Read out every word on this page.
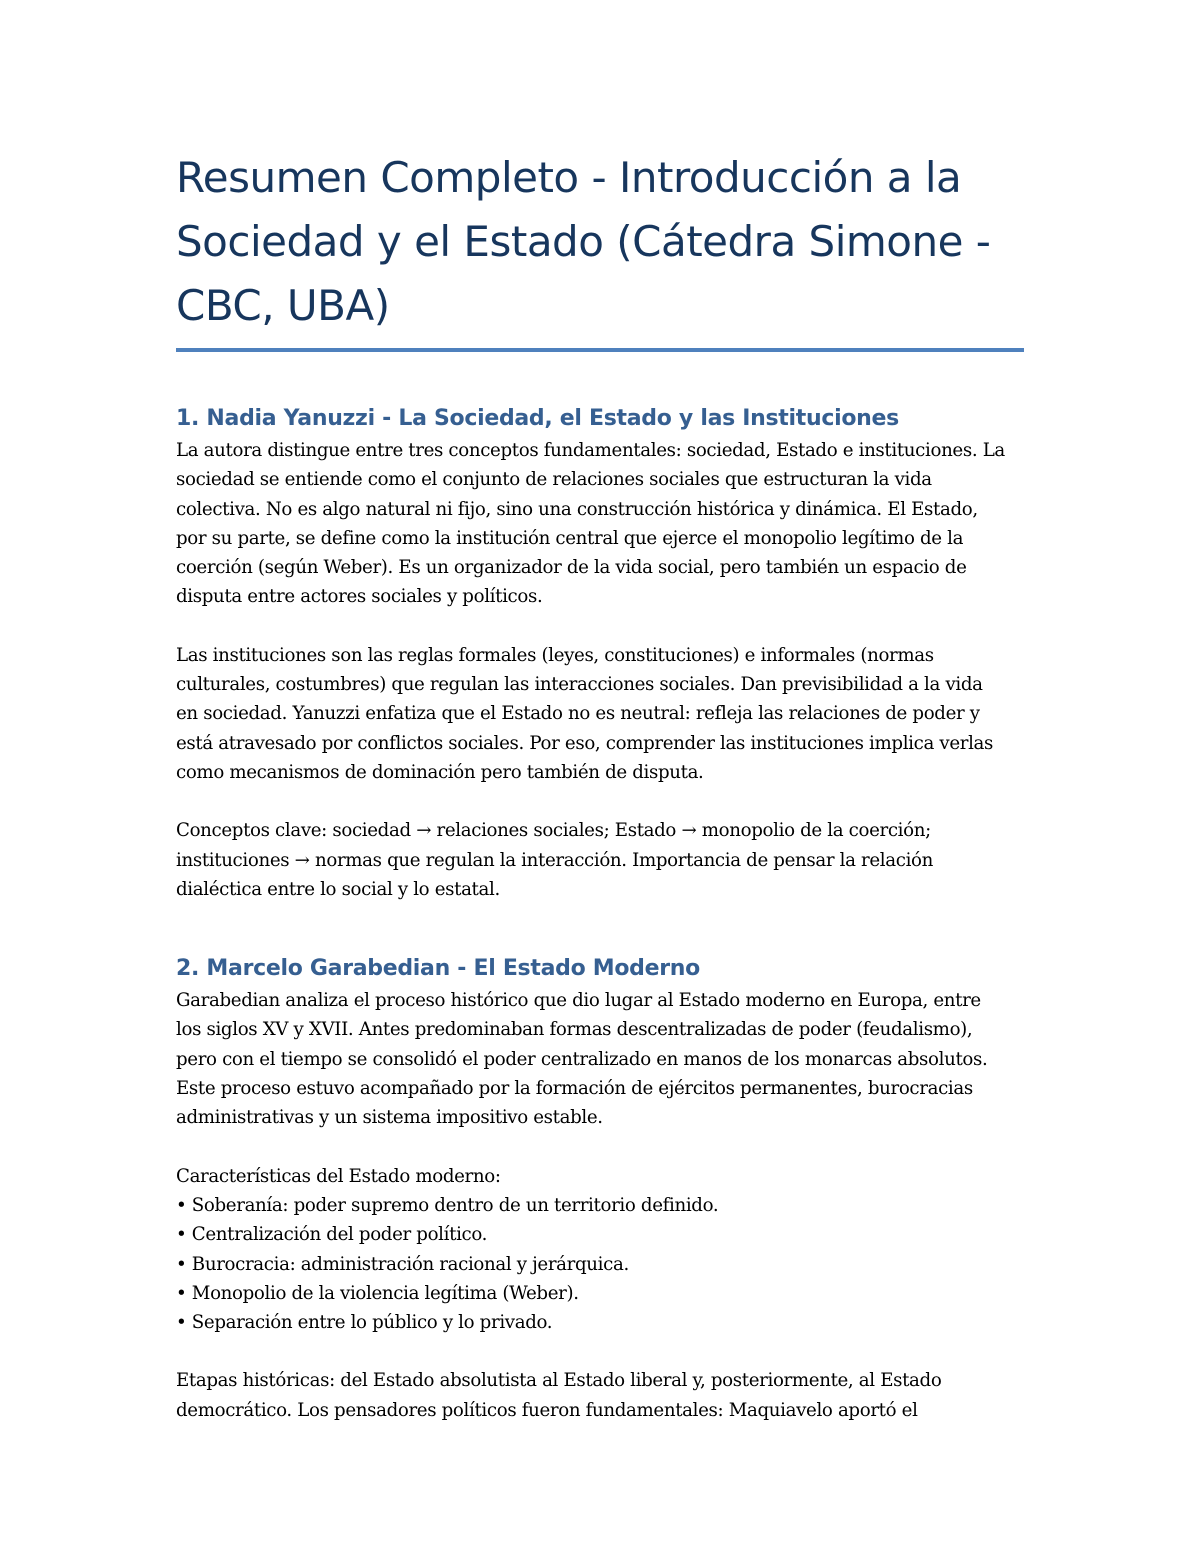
Resumen Completo - Introducción a la
Sociedad y el Estado (Cátedra Simone -
CBC, UBA)
1. Nadia Yanuzzi - La Sociedad, el Estado y las Instituciones

La autora distingue entre tres conceptos fundamentales: sociedad, Estado e instituciones. La
sociedad se entiende como el conjunto de relaciones sociales que estructuran la vida
colectiva. No es algo natural ni fijo, sino una construcción histórica y dinámica. El Estado,
por su parte, se define como la institución central que ejerce el monopolio legítimo de la
coerción (según Weber). Es un organizador de la vida social, pero también un espacio de
disputa entre actores sociales y políticos.

Las instituciones son las reglas formales (leyes, constituciones) e informales (normas
culturales, costumbres) que regulan las interacciones sociales. Dan previsibilidad a la vida
en sociedad. Yanuzzi enfatiza que el Estado no es neutral: refleja las relaciones de poder y
está atravesado por conflictos sociales. Por eso, comprender las instituciones implica verlas
como mecanismos de dominación pero también de disputa.

Conceptos clave: sociedad → relaciones sociales; Estado → monopolio de la coerción;
instituciones → normas que regulan la interacción. Importancia de pensar la relación
dialéctica entre lo social y lo estatal.

2. Marcelo Garabedian - El Estado Moderno

Garabedian analiza el proceso histórico que dio lugar al Estado moderno en Europa, entre
los siglos XV y XVII. Antes predominaban formas descentralizadas de poder (feudalismo),
pero con el tiempo se consolidó el poder centralizado en manos de los monarcas absolutos.
Este proceso estuvo acompañado por la formación de ejércitos permanentes, burocracias
administrativas y un sistema impositivo estable.

Características del Estado moderno:
• Soberanía: poder supremo dentro de un territorio definido.
• Centralización del poder político.
• Burocracia: administración racional y jerárquica.
• Monopolio de la violencia legítima (Weber).
• Separación entre lo público y lo privado.

Etapas históricas: del Estado absolutista al Estado liberal y, posteriormente, al Estado
democrático. Los pensadores políticos fueron fundamentales: Maquiavelo aportó el
